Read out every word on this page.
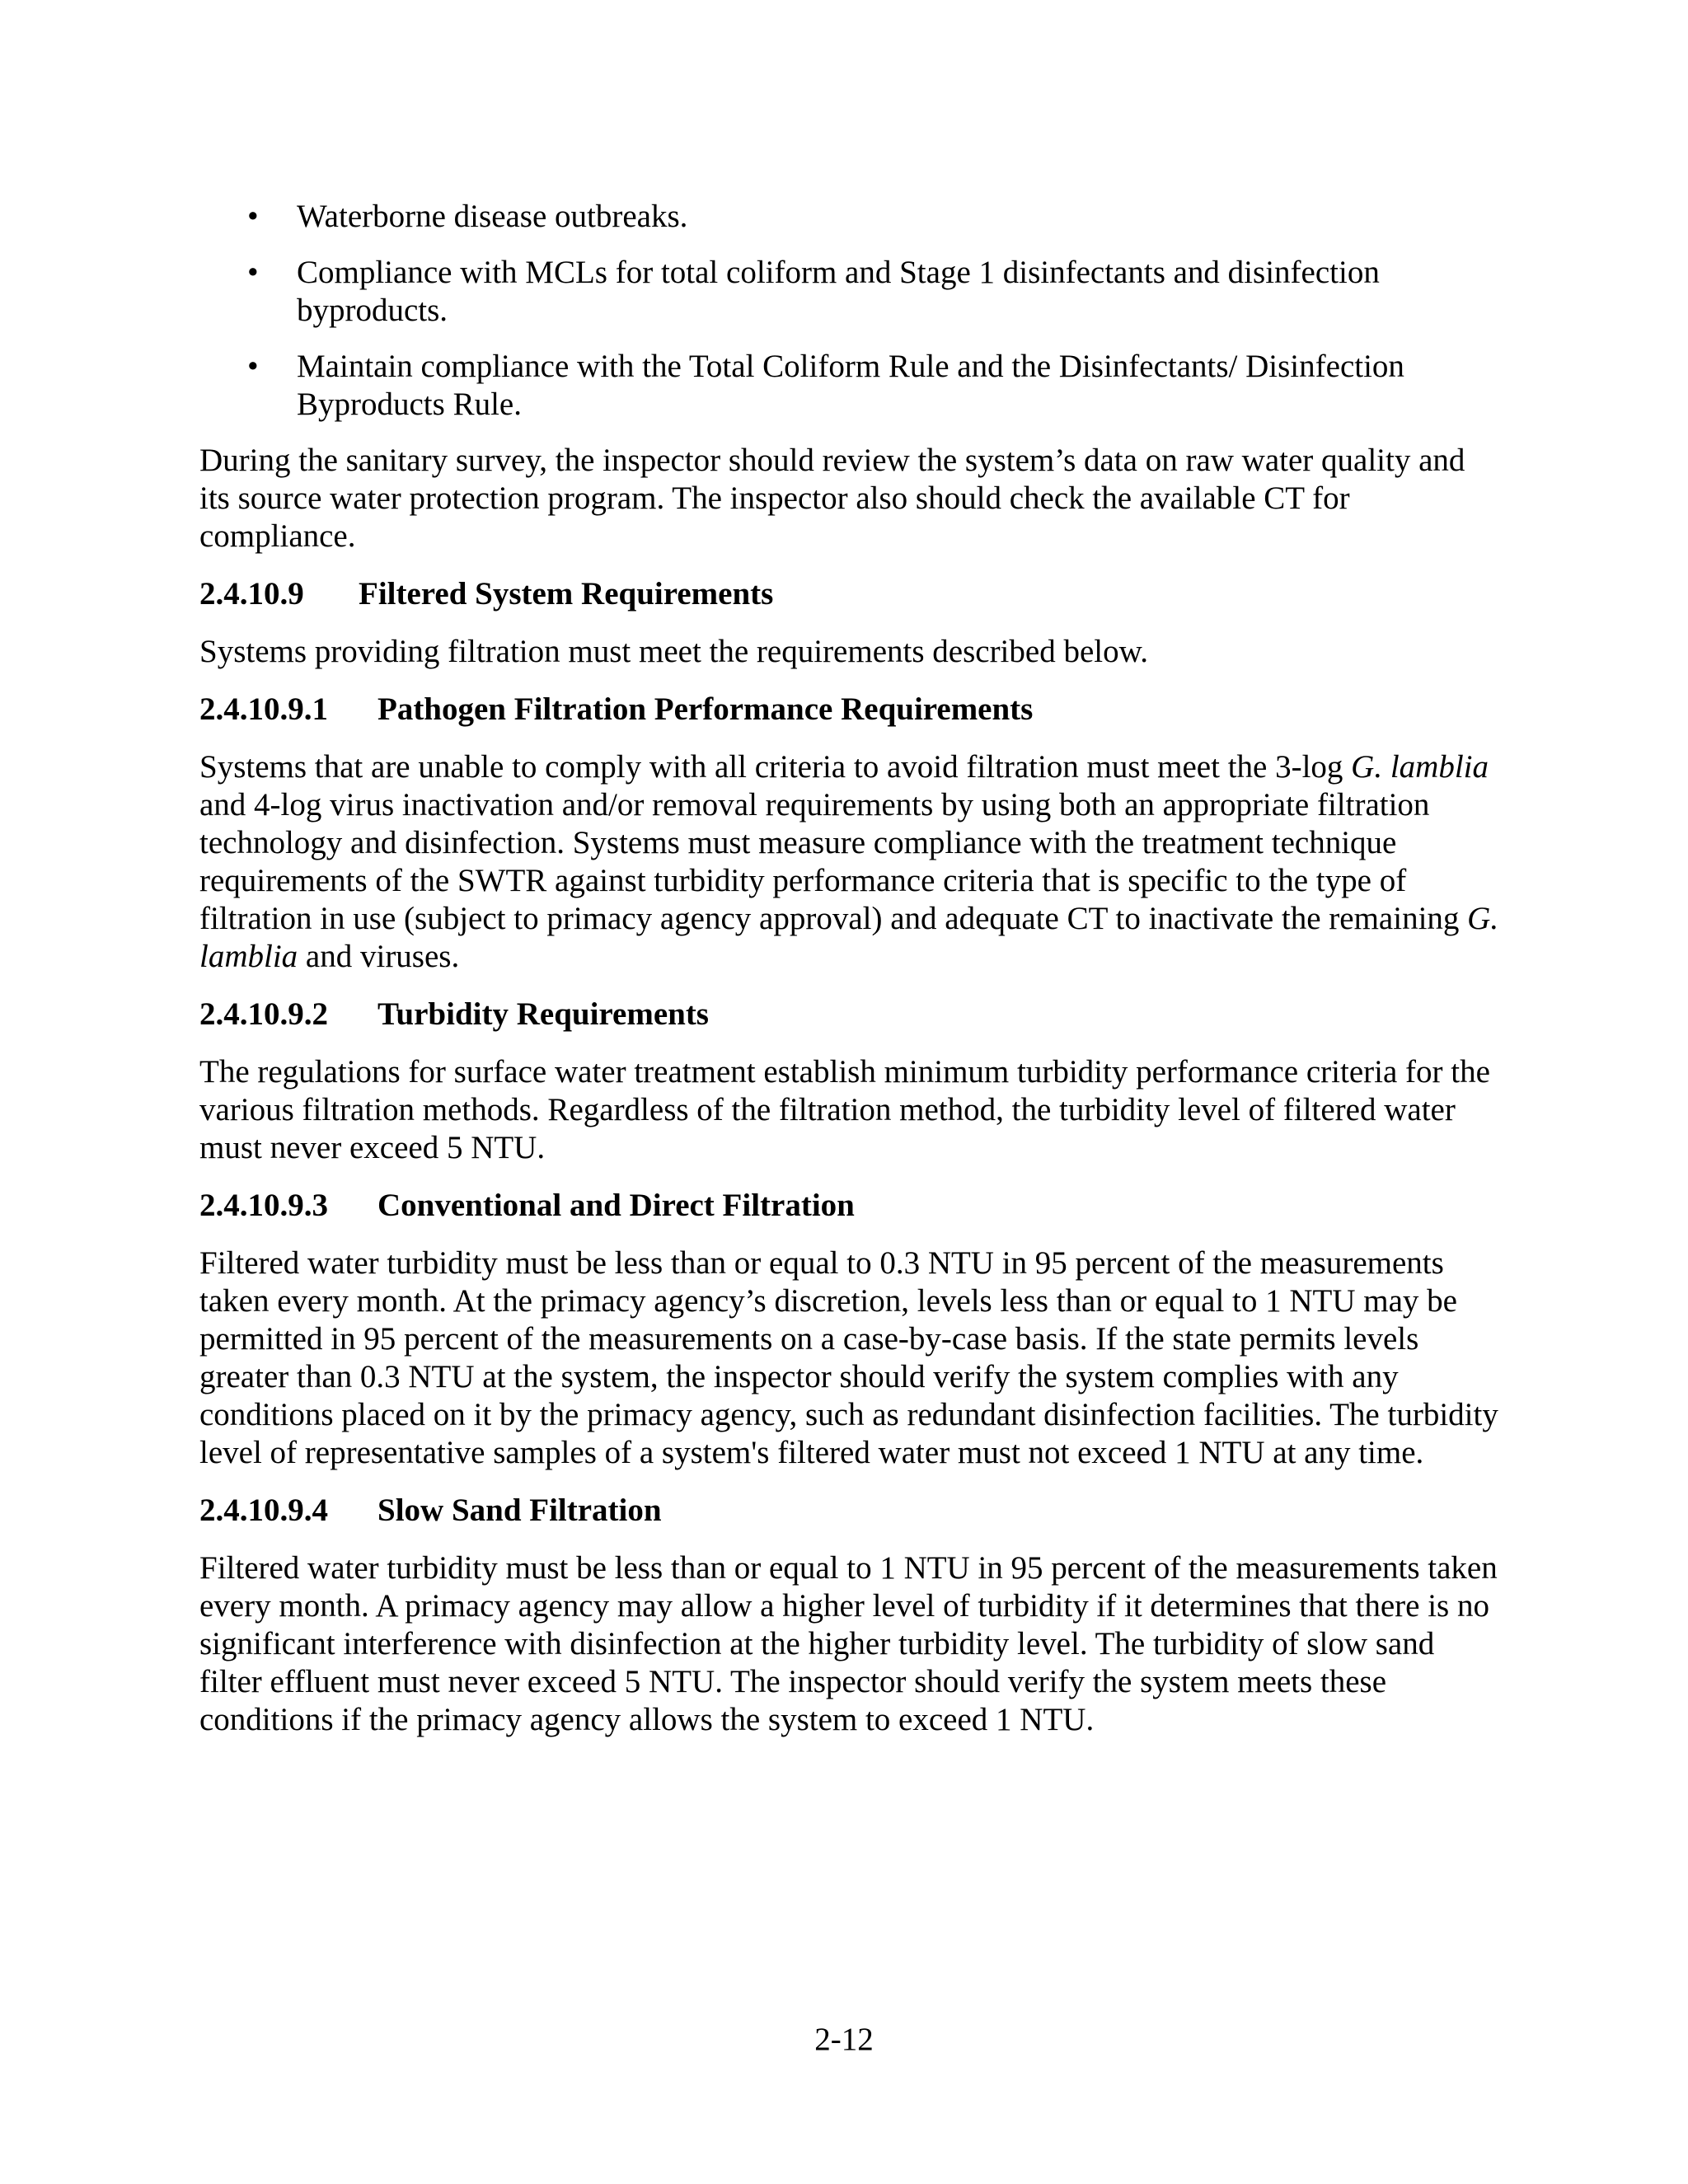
• Waterborne disease outbreaks.
• Compliance with MCLs for total coliform and Stage 1 disinfectants and disinfection byproducts.
• Maintain compliance with the Total Coliform Rule and the Disinfectants/ Disinfection Byproducts Rule.

During the sanitary survey, the inspector should review the system’s data on raw water quality and its source water protection program. The inspector also should check the available CT for compliance.

2.4.10.9 Filtered System Requirements

Systems providing filtration must meet the requirements described below.

2.4.10.9.1 Pathogen Filtration Performance Requirements

Systems that are unable to comply with all criteria to avoid filtration must meet the 3-log G. lamblia and 4-log virus inactivation and/or removal requirements by using both an appropriate filtration technology and disinfection. Systems must measure compliance with the treatment technique requirements of the SWTR against turbidity performance criteria that is specific to the type of filtration in use (subject to primacy agency approval) and adequate CT to inactivate the remaining G. lamblia and viruses.

2.4.10.9.2 Turbidity Requirements

The regulations for surface water treatment establish minimum turbidity performance criteria for the various filtration methods. Regardless of the filtration method, the turbidity level of filtered water must never exceed 5 NTU.

2.4.10.9.3 Conventional and Direct Filtration

Filtered water turbidity must be less than or equal to 0.3 NTU in 95 percent of the measurements taken every month. At the primacy agency’s discretion, levels less than or equal to 1 NTU may be permitted in 95 percent of the measurements on a case-by-case basis. If the state permits levels greater than 0.3 NTU at the system, the inspector should verify the system complies with any conditions placed on it by the primacy agency, such as redundant disinfection facilities. The turbidity level of representative samples of a system's filtered water must not exceed 1 NTU at any time.

2.4.10.9.4 Slow Sand Filtration

Filtered water turbidity must be less than or equal to 1 NTU in 95 percent of the measurements taken every month. A primacy agency may allow a higher level of turbidity if it determines that there is no significant interference with disinfection at the higher turbidity level. The turbidity of slow sand filter effluent must never exceed 5 NTU. The inspector should verify the system meets these conditions if the primacy agency allows the system to exceed 1 NTU.

2-12
